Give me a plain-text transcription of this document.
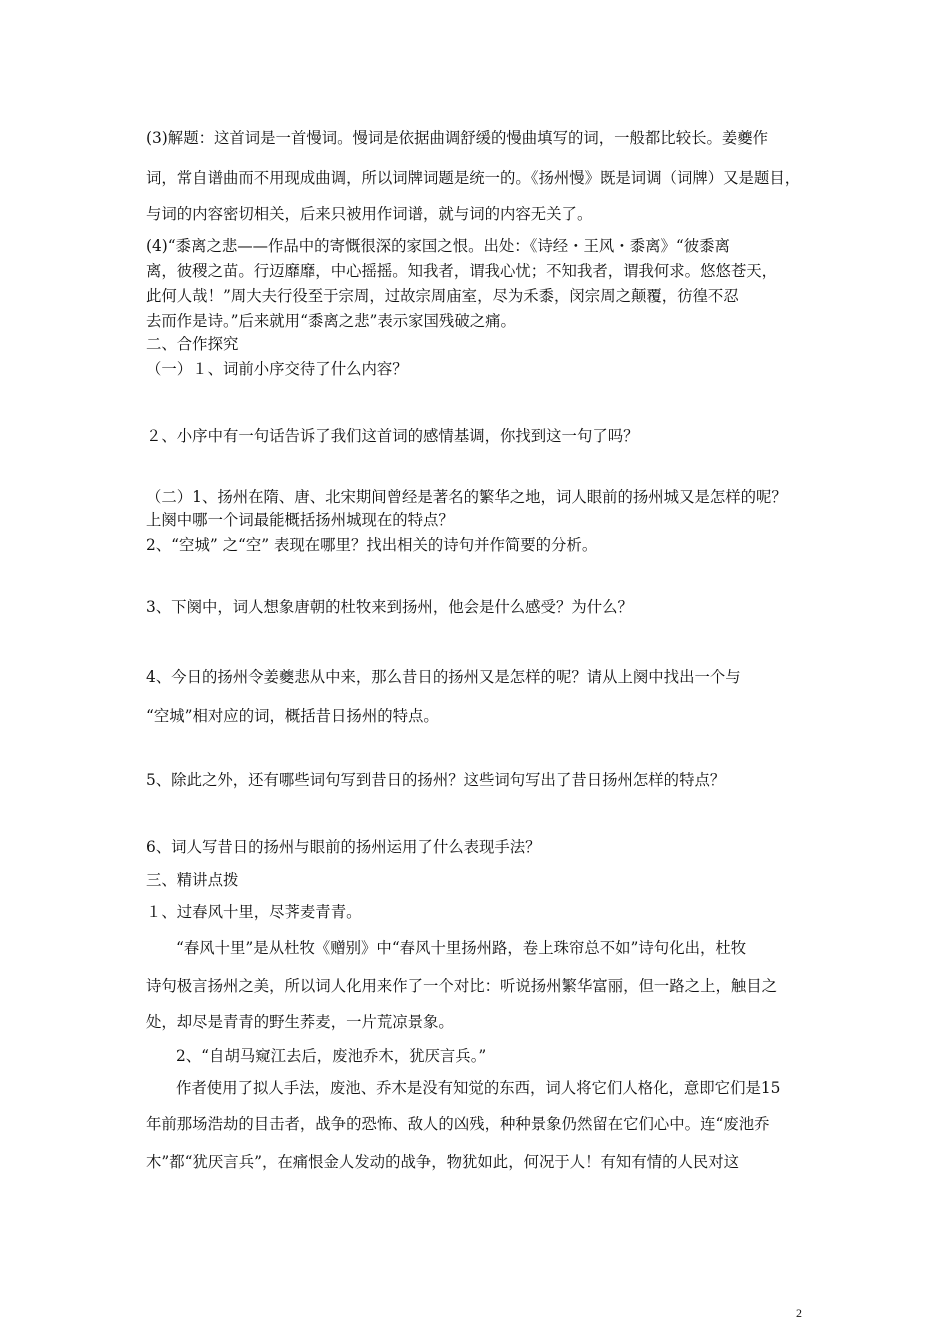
(3)解题：这首词是一首慢词。慢词是依据曲调舒缓的慢曲填写的词，一般都比较长。姜夔作
词，常自谱曲而不用现成曲调，所以词牌词题是统一的。《扬州慢》既是词调（词牌）又是题目，
与词的内容密切相关，后来只被用作词谱，就与词的内容无关了。
(4)“黍离之悲——作品中的寄慨很深的家国之恨。出处：《诗经・王风・黍离》“彼黍离
离，彼稷之苗。行迈靡靡，中心摇摇。知我者，谓我心忧；不知我者，谓我何求。悠悠苍天，
此何人哉！”周大夫行役至于宗周，过故宗周庙室，尽为禾黍，闵宗周之颠覆，彷徨不忍
去而作是诗。”后来就用“黍离之悲”表示家国残破之痛。
二、合作探究
（一）１、词前小序交待了什么内容？
２、小序中有一句话告诉了我们这首词的感情基调，你找到这一句了吗？
（二）1、扬州在隋、唐、北宋期间曾经是著名的繁华之地，词人眼前的扬州城又是怎样的呢？
上阕中哪一个词最能概括扬州城现在的特点？
2、“空城” 之“空” 表现在哪里？找出相关的诗句并作简要的分析。
3、下阕中，词人想象唐朝的杜牧来到扬州，他会是什么感受？为什么？
4、今日的扬州令姜夔悲从中来，那么昔日的扬州又是怎样的呢？请从上阕中找出一个与
“空城”相对应的词，概括昔日扬州的特点。
5、除此之外，还有哪些词句写到昔日的扬州？这些词句写出了昔日扬州怎样的特点？
6、词人写昔日的扬州与眼前的扬州运用了什么表现手法？
三、精讲点拨
１、过春风十里，尽荠麦青青。
“春风十里”是从杜牧《赠别》中“春风十里扬州路，卷上珠帘总不如”诗句化出，杜牧
诗句极言扬州之美，所以词人化用来作了一个对比：听说扬州繁华富丽，但一路之上，触目之
处，却尽是青青的野生荞麦，一片荒凉景象。
2、“自胡马窥江去后，废池乔木，犹厌言兵。”
作者使用了拟人手法，废池、乔木是没有知觉的东西，词人将它们人格化，意即它们是15
年前那场浩劫的目击者，战争的恐怖、敌人的凶残，种种景象仍然留在它们心中。连“废池乔
木”都“犹厌言兵”，在痛恨金人发动的战争，物犹如此，何况于人！有知有情的人民对这
2
